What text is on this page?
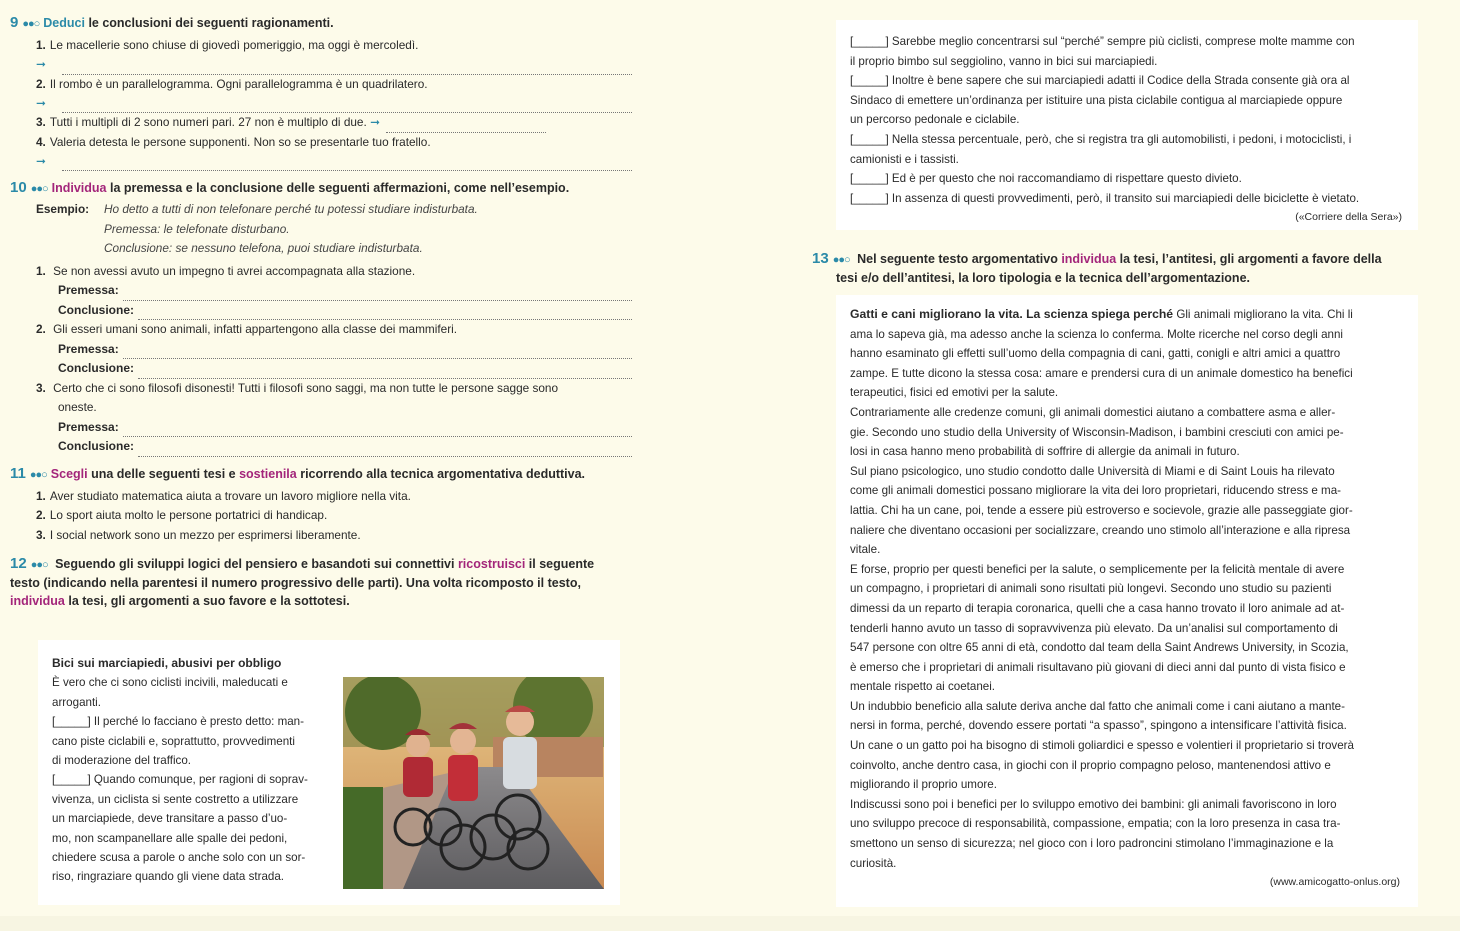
9 ●●○ Deduci le conclusioni dei seguenti ragionamenti.

1. Le macellerie sono chiuse di giovedì pomeriggio, ma oggi è mercoledì.
➞
2. Il rombo è un parallelogramma. Ogni parallelogramma è un quadrilatero.
➞
3. Tutti i multipli di 2 sono numeri pari. 27 non è multiplo di due. ➞
4. Valeria detesta le persone supponenti. Non so se presentarle tuo fratello.
➞

10 ●●○ Individua la premessa e la conclusione delle seguenti affermazioni, come nell’esempio.

Esempio: Ho detto a tutti di non telefonare perché tu potessi studiare indisturbata.
Premessa: le telefonate disturbano.
Conclusione: se nessuno telefona, puoi studiare indisturbata.
1. Se non avessi avuto un impegno ti avrei accompagnata alla stazione.
Premessa:
Conclusione:
2. Gli esseri umani sono animali, infatti appartengono alla classe dei mammiferi.
Premessa:
Conclusione:
3. Certo che ci sono filosofi disonesti! Tutti i filosofi sono saggi, ma non tutte le persone sagge sono
oneste.
Premessa:
Conclusione:

11 ●●○ Scegli una delle seguenti tesi e sostienila ricorrendo alla tecnica argomentativa deduttiva.

1. Aver studiato matematica aiuta a trovare un lavoro migliore nella vita.
2. Lo sport aiuta molto le persone portatrici di handicap.
3. I social network sono un mezzo per esprimersi liberamente.

12 ●●○ Seguendo gli sviluppi logici del pensiero e basandoti sui connettivi ricostruisci il seguente

testo (indicando nella parentesi il numero progressivo delle parti). Una volta ricomposto il testo,

individua la tesi, gli argomenti a suo favore e la sottotesi.

Bici sui marciapiedi, abusivi per obbligo
È vero che ci sono ciclisti incivili, maleducati e
arroganti.
[_____] Il perché lo facciano è presto detto: man-
cano piste ciclabili e, soprattutto, provvedimenti
di moderazione del traffico.
[_____] Quando comunque, per ragioni di soprav-
vivenza, un ciclista si sente costretto a utilizzare
un marciapiede, deve transitare a passo d’uo-
mo, non scampanellare alle spalle dei pedoni,
chiedere scusa a parole o anche solo con un sor-
riso, ringraziare quando gli viene data strada.
[_____] Sarebbe meglio concentrarsi sul “perché” sempre più ciclisti, comprese molte mamme con
il proprio bimbo sul seggiolino, vanno in bici sui marciapiedi.
[_____] Inoltre è bene sapere che sui marciapiedi adatti il Codice della Strada consente già ora al
Sindaco di emettere un’ordinanza per istituire una pista ciclabile contigua al marciapiede oppure
un percorso pedonale e ciclabile.
[_____] Nella stessa percentuale, però, che si registra tra gli automobilisti, i pedoni, i motociclisti, i
camionisti e i tassisti.
[_____] Ed è per questo che noi raccomandiamo di rispettare questo divieto.
[_____] In assenza di questi provvedimenti, però, il transito sui marciapiedi delle biciclette è vietato.
(«Corriere della Sera»)

13 ●●○ Nel seguente testo argomentativo individua la tesi, l’antitesi, gli argomenti a favore della

tesi e/o dell’antitesi, la loro tipologia e la tecnica dell’argomentazione.

Gatti e cani migliorano la vita. La scienza spiega perché Gli animali migliorano la vita. Chi li

ama lo sapeva già, ma adesso anche la scienza lo conferma. Molte ricerche nel corso degli anni

hanno esaminato gli effetti sull’uomo della compagnia di cani, gatti, conigli e altri amici a quattro

zampe. E tutte dicono la stessa cosa: amare e prendersi cura di un animale domestico ha benefici

terapeutici, fisici ed emotivi per la salute.

Contrariamente alle credenze comuni, gli animali domestici aiutano a combattere asma e aller-

gie. Secondo uno studio della University of Wisconsin-Madison, i bambini cresciuti con amici pe-

losi in casa hanno meno probabilità di soffrire di allergie da animali in futuro.

Sul piano psicologico, uno studio condotto dalle Università di Miami e di Saint Louis ha rilevato

come gli animali domestici possano migliorare la vita dei loro proprietari, riducendo stress e ma-

lattia. Chi ha un cane, poi, tende a essere più estroverso e socievole, grazie alle passeggiate gior-

naliere che diventano occasioni per socializzare, creando uno stimolo all’interazione e alla ripresa

vitale.

E forse, proprio per questi benefici per la salute, o semplicemente per la felicità mentale di avere

un compagno, i proprietari di animali sono risultati più longevi. Secondo uno studio su pazienti

dimessi da un reparto di terapia coronarica, quelli che a casa hanno trovato il loro animale ad at-

tenderli hanno avuto un tasso di sopravvivenza più elevato. Da un’analisi sul comportamento di

547 persone con oltre 65 anni di età, condotto dal team della Saint Andrews University, in Scozia,

è emerso che i proprietari di animali risultavano più giovani di dieci anni dal punto di vista fisico e

mentale rispetto ai coetanei.

Un indubbio beneficio alla salute deriva anche dal fatto che animali come i cani aiutano a mante-

nersi in forma, perché, dovendo essere portati “a spasso”, spingono a intensificare l’attività fisica.

Un cane o un gatto poi ha bisogno di stimoli goliardici e spesso e volentieri il proprietario si troverà

coinvolto, anche dentro casa, in giochi con il proprio compagno peloso, mantenendosi attivo e

migliorando il proprio umore.

Indiscussi sono poi i benefici per lo sviluppo emotivo dei bambini: gli animali favoriscono in loro

uno sviluppo precoce di responsabilità, compassione, empatia; con la loro presenza in casa tra-

smettono un senso di sicurezza; nel gioco con i loro padroncini stimolano l’immaginazione e la

curiosità.

(www.amicogatto-onlus.org)
